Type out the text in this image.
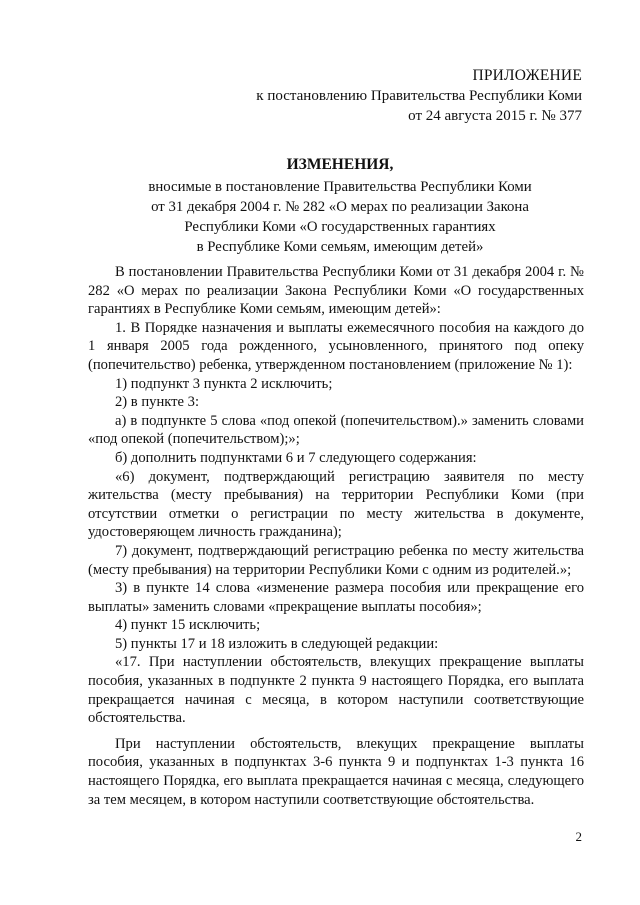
ПРИЛОЖЕНИЕ
к постановлению Правительства Республики Коми
от 24 августа 2015 г. № 377
ИЗМЕНЕНИЯ,
вносимые в постановление Правительства Республики Коми
от 31 декабря 2004 г. № 282 «О мерах по реализации Закона
Республики Коми «О государственных гарантиях
в Республике Коми семьям, имеющим детей»

В постановлении Правительства Республики Коми от 31 декабря 2004 г. № 282 «О мерах по реализации Закона Республики Коми «О государственных гарантиях в Республике Коми семьям, имеющим детей»:

1. В Порядке назначения и выплаты ежемесячного пособия на каждого до 1 января 2005 года рожденного, усыновленного, принятого под опеку (попечительство) ребенка, утвержденном постановлением (приложение № 1):

1) подпункт 3 пункта 2 исключить;

2) в пункте 3:

а) в подпункте 5 слова «под опекой (попечительством).» заменить словами «под опекой (попечительством);»;

б) дополнить подпунктами 6 и 7 следующего содержания:

«6) документ, подтверждающий регистрацию заявителя по месту жительства (месту пребывания) на территории Республики Коми (при отсутствии отметки о регистрации по месту жительства в документе, удостоверяющем личность гражданина);

7) документ, подтверждающий регистрацию ребенка по месту жительства (месту пребывания) на территории Республики Коми с одним из родителей.»;

3) в пункте 14 слова «изменение размера пособия или прекращение его выплаты» заменить словами «прекращение выплаты пособия»;

4) пункт 15 исключить;

5) пункты 17 и 18 изложить в следующей редакции:

«17. При наступлении обстоятельств, влекущих прекращение выплаты пособия, указанных в подпункте 2 пункта 9 настоящего Порядка, его выплата прекращается начиная с месяца, в котором наступили соответствующие обстоятельства.

При наступлении обстоятельств, влекущих прекращение выплаты пособия, указанных в подпунктах 3-6 пункта 9 и подпунктах 1-3 пункта 16 настоящего Порядка, его выплата прекращается начиная с месяца, следующего за тем месяцем, в котором наступили соответствующие обстоятельства.

2
